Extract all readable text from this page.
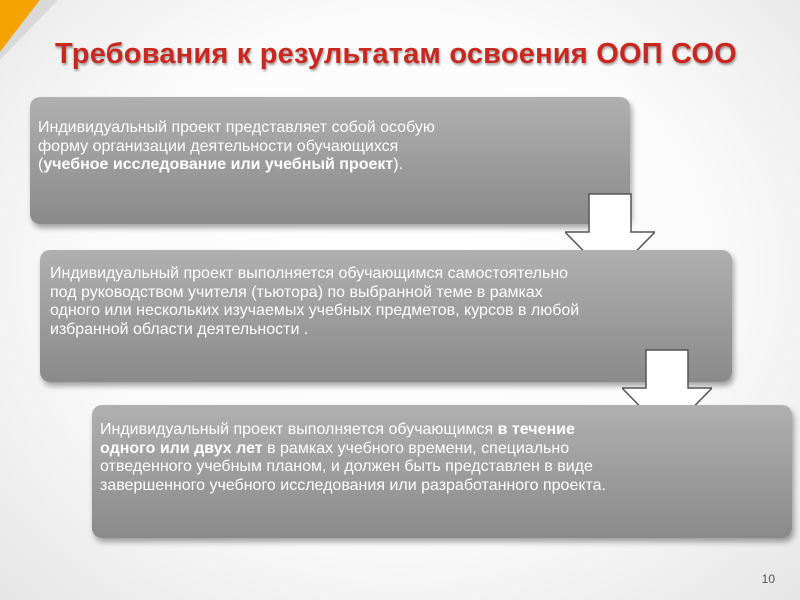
Требования к результатам освоения ООП СОО
Индивидуальный проект представляет собой особую форму организации деятельности обучающихся (учебное исследование или учебный проект).
Индивидуальный проект выполняется обучающимся самостоятельно под руководством учителя (тьютора) по выбранной теме в рамках одного или нескольких изучаемых учебных предметов, курсов в любой избранной области деятельности .
Индивидуальный проект выполняется обучающимся в течение одного или двух лет в рамках учебного времени, специально отведенного учебным планом, и должен быть представлен в виде завершенного учебного исследования или разработанного проекта.
10
